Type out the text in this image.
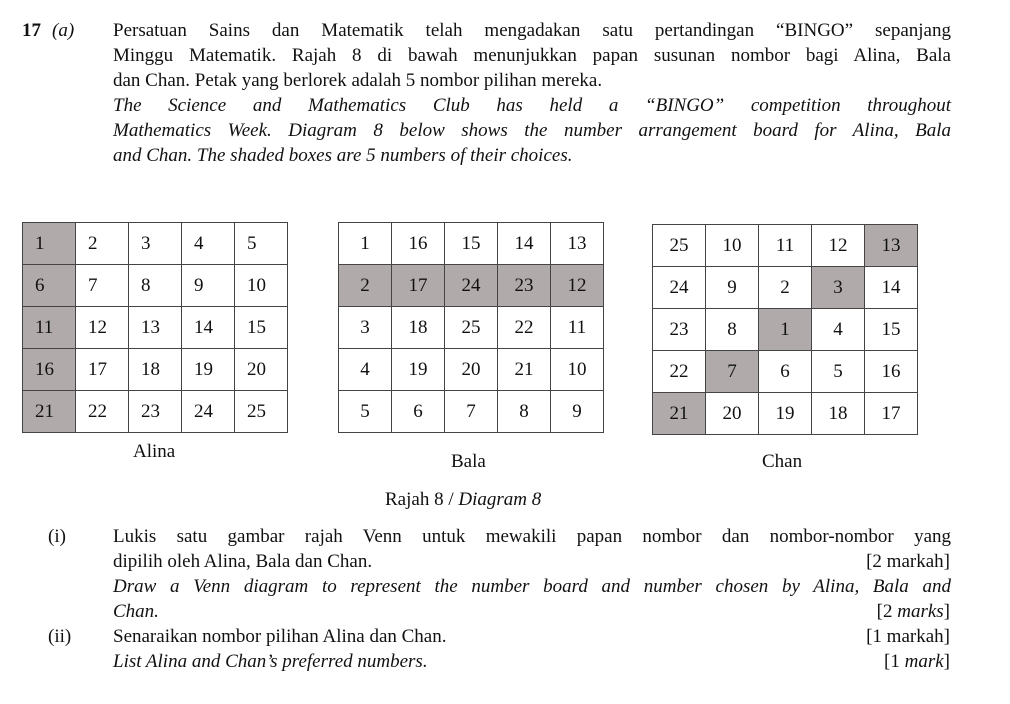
17 (a) Persatuan Sains dan Matematik telah mengadakan satu pertandingan “BINGO” sepanjang
Minggu Matematik. Rajah 8 di bawah menunjukkan papan susunan nombor bagi Alina, Bala
dan Chan. Petak yang berlorek adalah 5 nombor pilihan mereka.
The Science and Mathematics Club has held a “BINGO” competition throughout
Mathematics Week. Diagram 8 below shows the number arrangement board for Alina, Bala
and Chan. The shaded boxes are 5 numbers of their choices.
1	2	3	4	5
6	7	8	9	10
11	12	13	14	15
16	17	18	19	20
21	22	23	24	25
1	16	15	14	13
2	17	24	23	12
3	18	25	22	11
4	19	20	21	10
5	6	7	8	9
25	10	11	12	13
24	9	2	3	14
23	8	1	4	15
22	7	6	5	16
21	20	19	18	17
Alina	Bala	Chan
Rajah 8 / Diagram 8
(i) Lukis satu gambar rajah Venn untuk mewakili papan nombor dan nombor-nombor yang
dipilih oleh Alina, Bala dan Chan.	[2 markah]
Draw a Venn diagram to represent the number board and number chosen by Alina, Bala and
Chan.	[2 marks]
(ii) Senaraikan nombor pilihan Alina dan Chan.	[1 markah]
List Alina and Chan’s preferred numbers.	[1 mark]
